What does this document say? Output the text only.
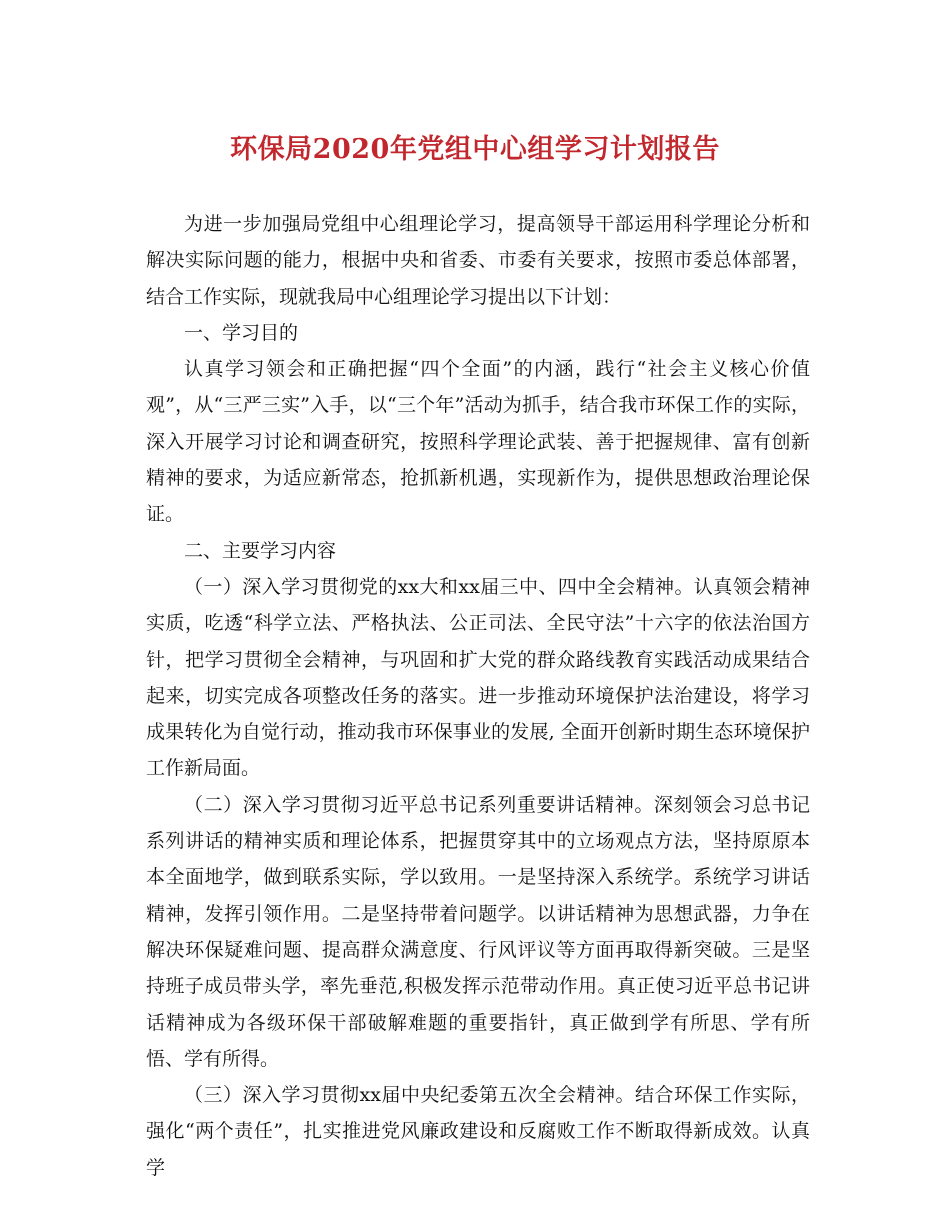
环保局2020年党组中心组学习计划报告

为进一步加强局党组中心组理论学习，提高领导干部运用科学理论分析和解决实际问题的能力，根据中央和省委、市委有关要求，按照市委总体部署，结合工作实际，现就我局中心组理论学习提出以下计划：

一、学习目的

认真学习领会和正确把握“四个全面”的内涵，践行“社会主义核心价值观”，从“三严三实”入手，以“三个年”活动为抓手，结合我市环保工作的实际，深入开展学习讨论和调查研究，按照科学理论武装、善于把握规律、富有创新精神的要求，为适应新常态，抢抓新机遇，实现新作为，提供思想政治理论保证。

二、主要学习内容

（一）深入学习贯彻党的xx大和xx届三中、四中全会精神。认真领会精神实质，吃透“科学立法、严格执法、公正司法、全民守法”十六字的依法治国方针，把学习贯彻全会精神，与巩固和扩大党的群众路线教育实践活动成果结合起来，切实完成各项整改任务的落实。进一步推动环境保护法治建设，将学习成果转化为自觉行动，推动我市环保事业的发展, 全面开创新时期生态环境保护工作新局面。

（二）深入学习贯彻习近平总书记系列重要讲话精神。深刻领会习总书记系列讲话的精神实质和理论体系，把握贯穿其中的立场观点方法，坚持原原本本全面地学，做到联系实际，学以致用。一是坚持深入系统学。系统学习讲话精神，发挥引领作用。二是坚持带着问题学。以讲话精神为思想武器，力争在解决环保疑难问题、提高群众满意度、行风评议等方面再取得新突破。三是坚持班子成员带头学，率先垂范,积极发挥示范带动作用。真正使习近平总书记讲话精神成为各级环保干部破解难题的重要指针，真正做到学有所思、学有所悟、学有所得。

（三）深入学习贯彻xx届中央纪委第五次全会精神。结合环保工作实际，强化“两个责任”，扎实推进党风廉政建设和反腐败工作不断取得新成效。认真学
